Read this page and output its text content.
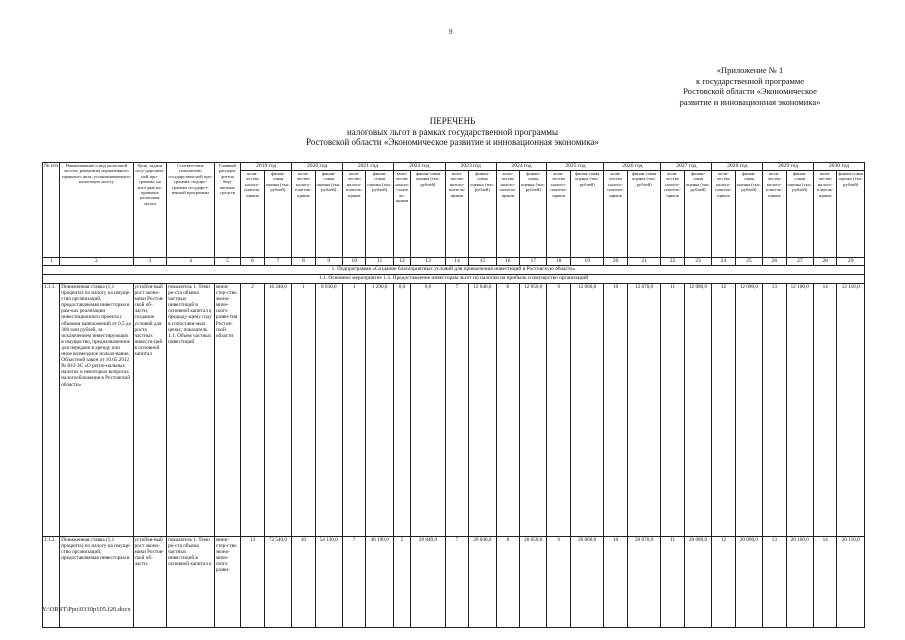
9
«Приложение № 1
к государственной программе
Ростовской области «Экономическое
развитие и инновационная экономика»
ПЕРЕЧЕНЬ
налоговых льгот в рамках государственной программы
Ростовской области «Экономическое развитие и инновационная экономика»
№ п/п	Наименование и вид налоговой льготы, реквизиты нормативного правового акта, устанавливающего налоговую льготу	Цель, задачи госу-дарствен-ной про-граммы, на кото-рые на-правлена налоговая льгота	Соответствие показателю государствен-ной про-граммы, подпро-граммы государст-венной программы	Главный распоря-дитель бюд-жетных средств	2019 год		2020 год		2021 год		2022 год		2023 год		2024 год		2025 год		2026 год		2027 год		2028 год		2029 год		2030 год	
					коли-чество налого-платель-щиков	финан-совая оценка (тыс. рублей)	коли-чество налого-платель-щиков	финан-совая оценка (тыс. рублей)	коли-чество налого-платель-щиков	финан-совая оценка (тыс. рублей)	коли-чество налого-платель-щиков	финан-совая оценка (тыс. рублей)	коли-чество налого-платель-щиков	финан-совая оценка (тыс. рублей)	коли-чество налого-платель-щиков	финан-совая оценка (тыс. рублей)	коли-чество налого-платель-щиков	финан-совая оценка (тыс. рублей)	коли-чество налого-платель-щиков	финан-совая оценка (тыс. рублей)	коли-чество налого-платель-щиков	финан-совая оценка (тыс. рублей)	коли-чество налого-платель-щиков	финан-совая оценка (тыс. рублей)	коли-чество налого-платель-щиков	финан-совая оценка (тыс. рублей)	коли-чество налого-платель-щиков	финан-совая оценка (тыс. рублей)
1	2	3	4	5	6	7	8	9	10	11	12	13	14	15	16	17	18	19	20	21	22	23	24	25	26	27	28	29
1. Подпрограмма «Создание благоприятных условий для привлечения инвестиций в Ростовскую область»																												
1.1. Основное мероприятие 1.3. Предоставление инвесторам льгот по налогам на прибыль и имущество организаций																												
1.1.1.	Пониженная ставка (1,1 процента) по налогу на имуще-ство организаций, предоставляемая инвесторам в рам-ках реализации инвестиционного проекта с объемом капвложений от 0,5 до 300 млн рублей, за исключением инвестирующих в имущество, предназначенное для передачи в аренду или иное возмездное пользо-вание, Областной закон от 10.05.2012 № 843-ЗС «О регио-нальных налогах и некоторых вопросах налогообложения в Ростовской области»	устойчи-вый рост эконо-мики Ростов-ской об-ласти, создание условий для роста частных инвести-ций в основной капитал	показатель 1. Темп ро-ста объема частных инвестиций в основной капитал к предыду-щему году в сопостави-мых ценах; показатель 1.1. Объем частных инвестиций	мини-стер-ство эконо-миче-ского разви-тия Ростов-ской области	2	16 240,0	1	8 930,0	1	1 290,0	0,0	0,0	7	12 040,0	8	12 050,0	9	12 060,0	10	12 070,0	11	12 080,0	12	12 090,0	13	12 100,0	14	12 110,0
1.1.2.	Пониженная ставка (1,1 процента) по налогу на имуще-ство организаций, предоставляемая инвесторам в	устойчи-вый рост эконо-мики Ростов-ской об-ласти,	показатель 1. Темп ро-ста объема частных инвестиций в основной капитал к	мини-стер-ство эконо-миче-ского разви-	13	72 540,0	10	54 130,0	7	46 190,0	5	29 840,0	7	20 040,0	8	20 050,0	9	20 060,0	10	20 070,0	11	20 080,0	12	20 090,0	13	20 100,0	14	20 110,0
Y:\ORST\Ppo\0310p105.f20.docx
